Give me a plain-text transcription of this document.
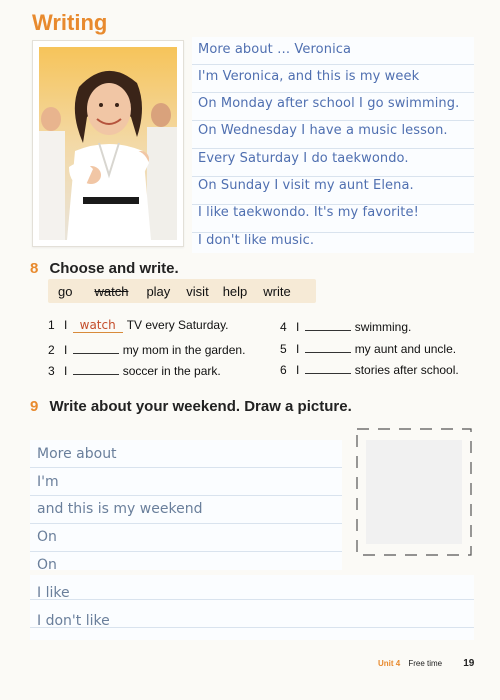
Writing
More about … Veronica
I'm Veronica, and this is my week
On Monday after school I go swimming.
On Wednesday I have a music lesson.
Every Saturday I do taekwondo.
On Sunday I visit my aunt Elena.
I like taekwondo. It's my favorite!
I don't like music.
8 Choose and write.
go watch play visit help write
1 I watch TV every Saturday.
2 I	my mom in the garden.
3 I	soccer in the park.
4 I	swimming.
5 I	my aunt and uncle.
6 I	stories after school.
9 Write about your weekend. Draw a picture.
More about
I'm
and this is my weekend
On
On
I like
I don't like
Unit 4 Free time 19
